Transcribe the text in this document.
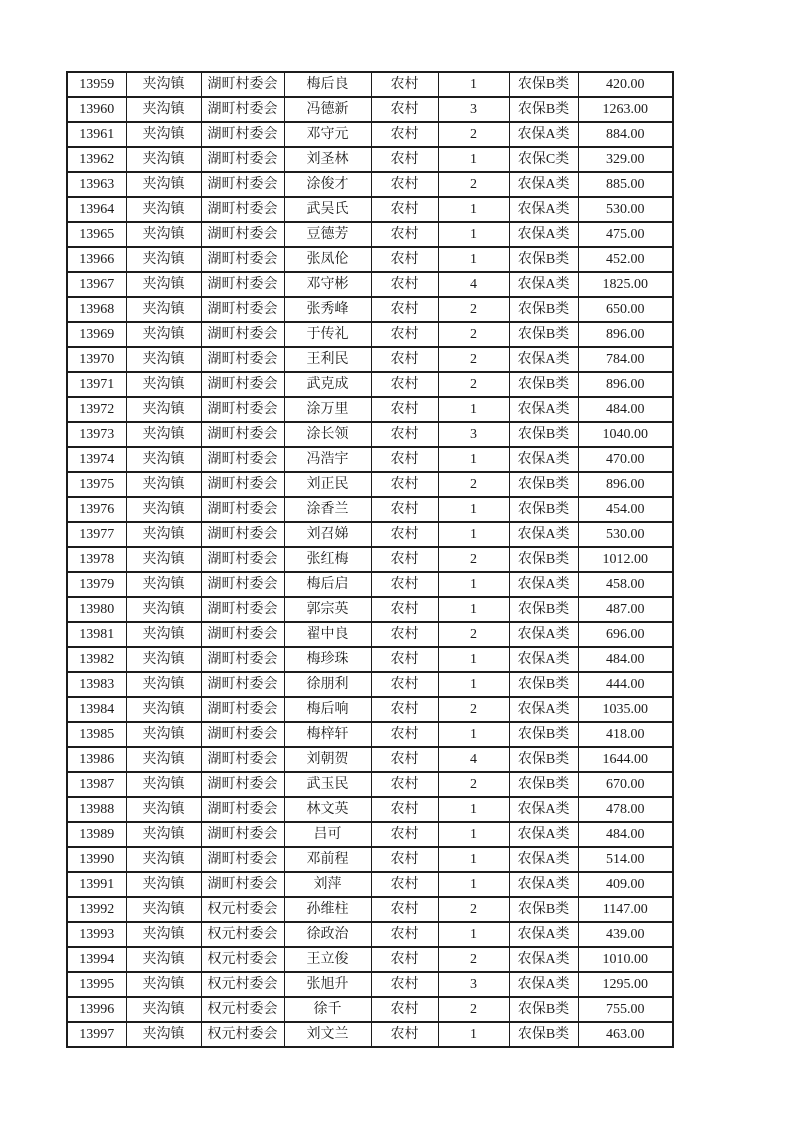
13959	夹沟镇	湖町村委会	梅后良	农村	1	农保B类	420.00
13960	夹沟镇	湖町村委会	冯德新	农村	3	农保B类	1263.00
13961	夹沟镇	湖町村委会	邓守元	农村	2	农保A类	884.00
13962	夹沟镇	湖町村委会	刘圣林	农村	1	农保C类	329.00
13963	夹沟镇	湖町村委会	涂俊才	农村	2	农保A类	885.00
13964	夹沟镇	湖町村委会	武吴氏	农村	1	农保A类	530.00
13965	夹沟镇	湖町村委会	豆德芳	农村	1	农保A类	475.00
13966	夹沟镇	湖町村委会	张凤伦	农村	1	农保B类	452.00
13967	夹沟镇	湖町村委会	邓守彬	农村	4	农保A类	1825.00
13968	夹沟镇	湖町村委会	张秀峰	农村	2	农保B类	650.00
13969	夹沟镇	湖町村委会	于传礼	农村	2	农保B类	896.00
13970	夹沟镇	湖町村委会	王利民	农村	2	农保A类	784.00
13971	夹沟镇	湖町村委会	武克成	农村	2	农保B类	896.00
13972	夹沟镇	湖町村委会	涂万里	农村	1	农保A类	484.00
13973	夹沟镇	湖町村委会	涂长领	农村	3	农保B类	1040.00
13974	夹沟镇	湖町村委会	冯浩宇	农村	1	农保A类	470.00
13975	夹沟镇	湖町村委会	刘正民	农村	2	农保B类	896.00
13976	夹沟镇	湖町村委会	涂香兰	农村	1	农保B类	454.00
13977	夹沟镇	湖町村委会	刘召娣	农村	1	农保A类	530.00
13978	夹沟镇	湖町村委会	张红梅	农村	2	农保B类	1012.00
13979	夹沟镇	湖町村委会	梅后启	农村	1	农保A类	458.00
13980	夹沟镇	湖町村委会	郭宗英	农村	1	农保B类	487.00
13981	夹沟镇	湖町村委会	翟中良	农村	2	农保A类	696.00
13982	夹沟镇	湖町村委会	梅珍珠	农村	1	农保A类	484.00
13983	夹沟镇	湖町村委会	徐朋利	农村	1	农保B类	444.00
13984	夹沟镇	湖町村委会	梅后响	农村	2	农保A类	1035.00
13985	夹沟镇	湖町村委会	梅梓轩	农村	1	农保B类	418.00
13986	夹沟镇	湖町村委会	刘朝贺	农村	4	农保B类	1644.00
13987	夹沟镇	湖町村委会	武玉民	农村	2	农保B类	670.00
13988	夹沟镇	湖町村委会	林文英	农村	1	农保A类	478.00
13989	夹沟镇	湖町村委会	吕可	农村	1	农保A类	484.00
13990	夹沟镇	湖町村委会	邓前程	农村	1	农保A类	514.00
13991	夹沟镇	湖町村委会	刘萍	农村	1	农保A类	409.00
13992	夹沟镇	权元村委会	孙维柱	农村	2	农保B类	1147.00
13993	夹沟镇	权元村委会	徐政治	农村	1	农保A类	439.00
13994	夹沟镇	权元村委会	王立俊	农村	2	农保A类	1010.00
13995	夹沟镇	权元村委会	张旭升	农村	3	农保A类	1295.00
13996	夹沟镇	权元村委会	徐千	农村	2	农保B类	755.00
13997	夹沟镇	权元村委会	刘文兰	农村	1	农保B类	463.00
